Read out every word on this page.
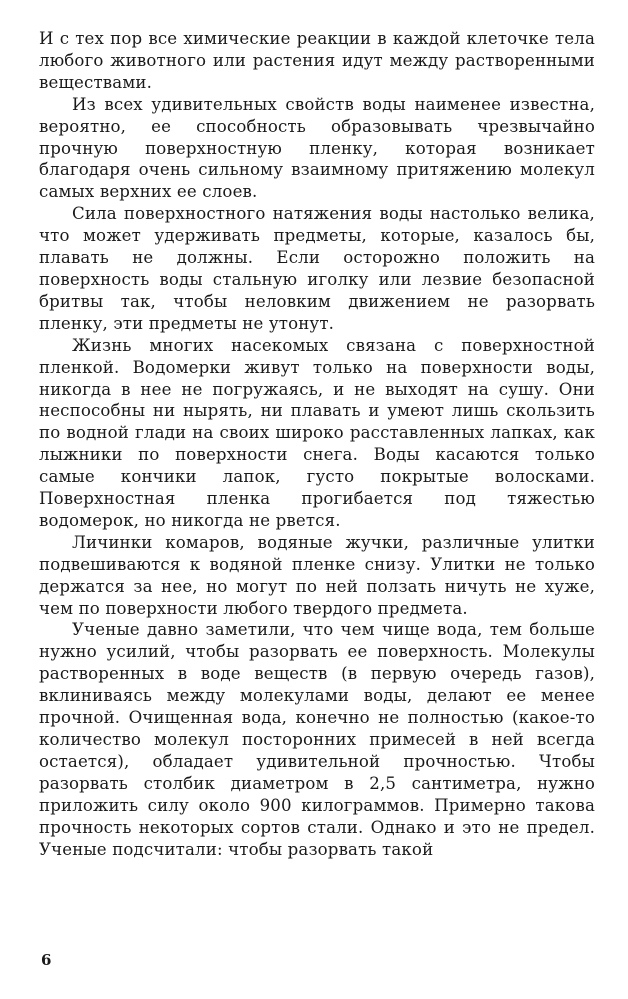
И с тех пор все химические реакции в каждой клеточке тела любого животного или растения идут между растворенными веществами.

Из всех удивительных свойств воды наименее известна, вероятно, ее способность образовывать чрезвычайно прочную поверхностную пленку, которая возникает благодаря очень сильному взаимному притяжению молекул самых верхних ее слоев.

Сила поверхностного натяжения воды настолько велика, что может удерживать предметы, которые, казалось бы, плавать не должны. Если осторожно положить на поверхность воды стальную иголку или лезвие безопасной бритвы так, чтобы неловким движением не разорвать пленку, эти предметы не утонут.

Жизнь многих насекомых связана с поверхностной пленкой. Водомерки живут только на поверхности воды, никогда в нее не погружаясь, и не выходят на сушу. Они неспособны ни нырять, ни плавать и умеют лишь скользить по водной глади на своих широко расставленных лапках, как лыжники по поверхности снега. Воды касаются только самые кончики лапок, густо покрытые волосками. Поверхностная пленка прогибается под тяжестью водомерок, но никогда не рвется.

Личинки комаров, водяные жучки, различные улитки подвешиваются к водяной пленке снизу. Улитки не только держатся за нее, но могут по ней ползать ничуть не хуже, чем по поверхности любого твердого предмета.

Ученые давно заметили, что чем чище вода, тем больше нужно усилий, чтобы разорвать ее поверхность. Молекулы растворенных в воде веществ (в первую очередь газов), вклиниваясь между молекулами воды, делают ее менее прочной. Очищенная вода, конечно не полностью (какое-то количество молекул посторонних примесей в ней всегда остается), обладает удивительной прочностью. Чтобы разорвать столбик диаметром в 2,5 сантиметра, нужно приложить силу около 900 килограммов. Примерно такова прочность некоторых сортов стали. Однако и это не предел. Ученые подсчитали: чтобы разорвать такой

6
